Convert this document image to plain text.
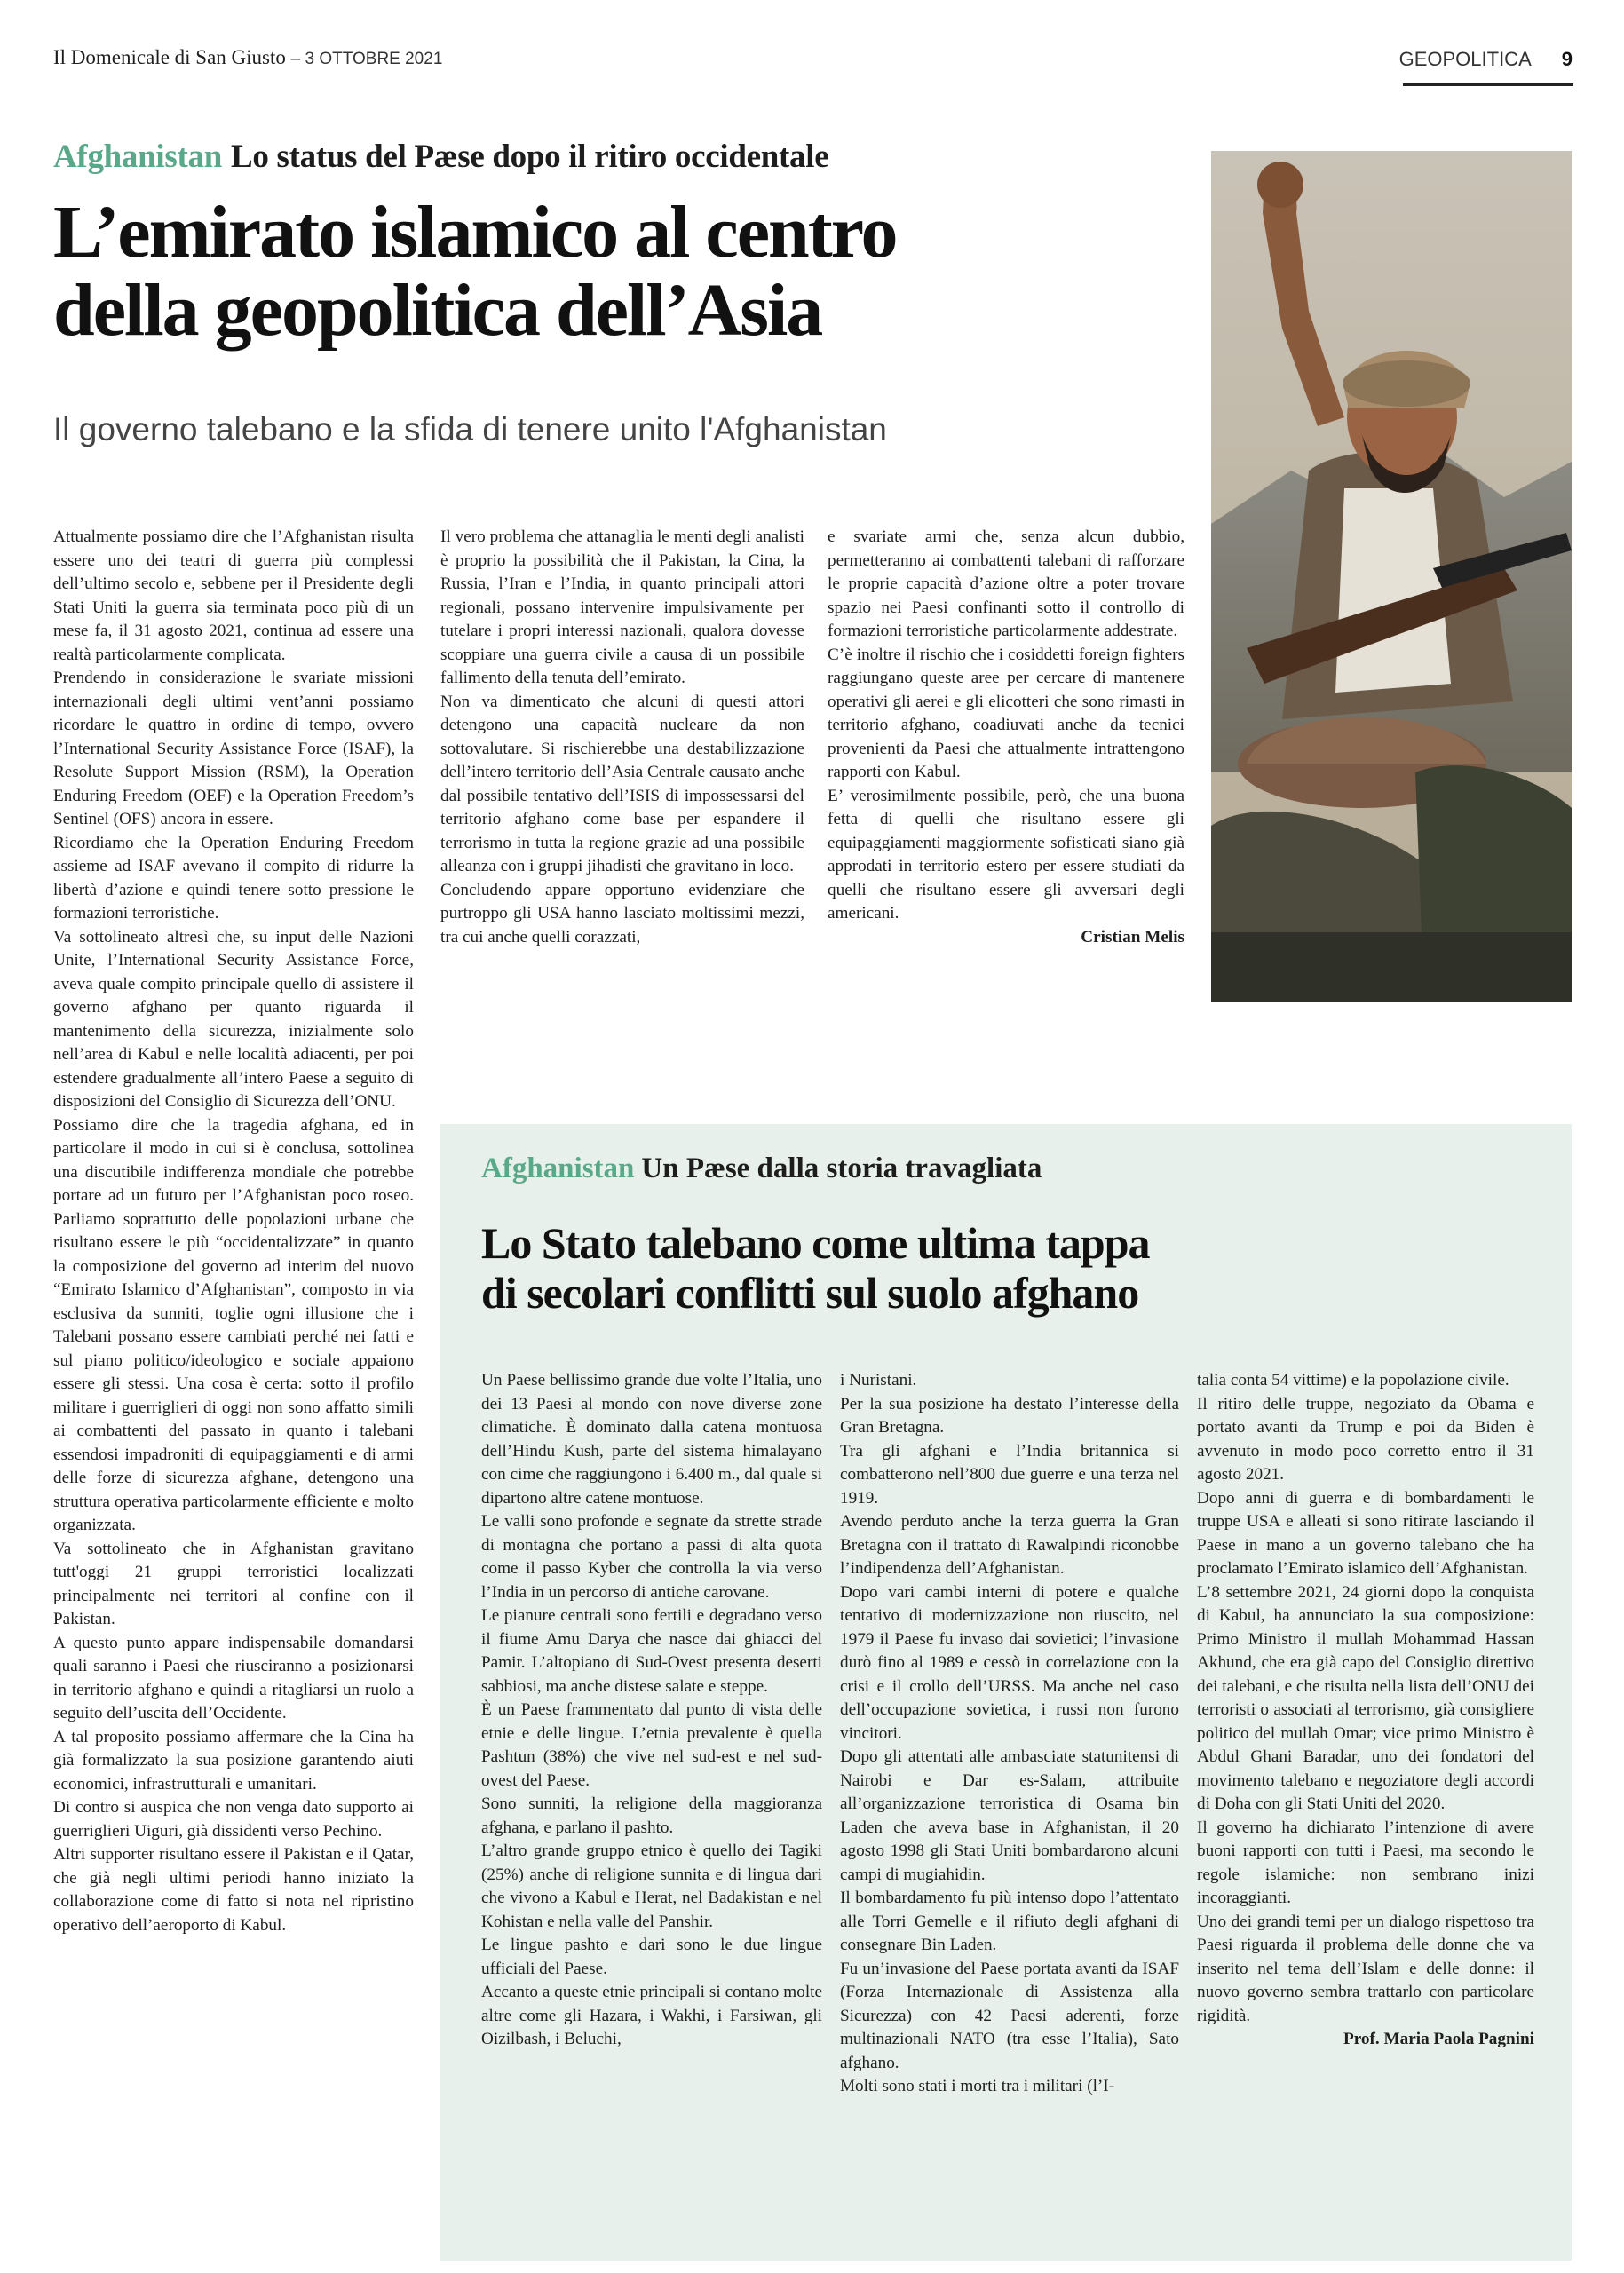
Il Domenicale di San Giusto – 3 OTTOBRE 2021	GEOPOLITICA 9
Afghanistan Lo status del Pæse dopo il ritiro occidentale
L’emirato islamico al centro
della geopolitica dell’Asia
Il governo talebano e la sfida di tenere unito l'Afghanistan

Attualmente possiamo dire che l’Afghanistan risulta essere uno dei teatri di guerra più complessi dell’ultimo secolo e, sebbene per il Presidente degli Stati Uniti la guerra sia terminata poco più di un mese fa, il 31 agosto 2021, continua ad essere una realtà particolarmente complicata.

Prendendo in considerazione le svariate missioni internazionali degli ultimi vent’anni possiamo ricordare le quattro in ordine di tempo, ovvero l’International Security Assistance Force (ISAF), la Resolute Support Mission (RSM), la Operation Enduring Freedom (OEF) e la Operation Freedom’s Sentinel (OFS) ancora in essere.

Ricordiamo che la Operation Enduring Freedom assieme ad ISAF avevano il compito di ridurre la libertà d’azione e quindi tenere sotto pressione le formazioni terroristiche.

Va sottolineato altresì che, su input delle Nazioni Unite, l’International Security Assistance Force, aveva quale compito principale quello di assistere il governo afghano per quanto riguarda il mantenimento della sicurezza, inizialmente solo nell’area di Kabul e nelle località adiacenti, per poi estendere gradualmente all’intero Paese a seguito di disposizioni del Consiglio di Sicurezza dell’ONU.

Possiamo dire che la tragedia afghana, ed in particolare il modo in cui si è conclusa, sottolinea una discutibile indifferenza mondiale che potrebbe portare ad un futuro per l’Afghanistan poco roseo. Parliamo soprattutto delle popolazioni urbane che risultano essere le più “occidentalizzate” in quanto la composizione del governo ad interim del nuovo “Emirato Islamico d’Afghanistan”, composto in via esclusiva da sunniti, toglie ogni illusione che i Talebani possano essere cambiati perché nei fatti e sul piano politico/ideologico e sociale appaiono essere gli stessi. Una cosa è certa: sotto il profilo militare i guerriglieri di oggi non sono affatto simili ai combattenti del passato in quanto i talebani essendosi impadroniti di equipaggiamenti e di armi delle forze di sicurezza afghane, detengono una struttura operativa particolarmente efficiente e molto organizzata.

Va sottolineato che in Afghanistan gravitano tutt'oggi 21 gruppi terroristici localizzati principalmente nei territori al confine con il Pakistan.

A questo punto appare indispensabile domandarsi quali saranno i Paesi che riusciranno a posizionarsi in territorio afghano e quindi a ritagliarsi un ruolo a seguito dell’uscita dell’Occidente.

A tal proposito possiamo affermare che la Cina ha già formalizzato la sua posizione garantendo aiuti economici, infrastrutturali e umanitari.

Di contro si auspica che non venga dato supporto ai guerriglieri Uiguri, già dissidenti verso Pechino.

Altri supporter risultano essere il Pakistan e il Qatar, che già negli ultimi periodi hanno iniziato la collaborazione come di fatto si nota nel ripristino operativo dell’aeroporto di Kabul.

Il vero problema che attanaglia le menti degli analisti è proprio la possibilità che il Pakistan, la Cina, la Russia, l’Iran e l’India, in quanto principali attori regionali, possano intervenire impulsivamente per tutelare i propri interessi nazionali, qualora dovesse scoppiare una guerra civile a causa di un possibile fallimento della tenuta dell’emirato.

Non va dimenticato che alcuni di questi attori detengono una capacità nucleare da non sottovalutare. Si rischierebbe una destabilizzazione dell’intero territorio dell’Asia Centrale causato anche dal possibile tentativo dell’ISIS di impossessarsi del territorio afghano come base per espandere il terrorismo in tutta la regione grazie ad una possibile alleanza con i gruppi jihadisti che gravitano in loco.

Concludendo appare opportuno evidenziare che purtroppo gli USA hanno lasciato moltissimi mezzi, tra cui anche quelli corazzati,

e svariate armi che, senza alcun dubbio, permetteranno ai combattenti talebani di rafforzare le proprie capacità d’azione oltre a poter trovare spazio nei Paesi confinanti sotto il controllo di formazioni terroristiche particolarmente addestrate.

C’è inoltre il rischio che i cosiddetti foreign fighters raggiungano queste aree per cercare di mantenere operativi gli aerei e gli elicotteri che sono rimasti in territorio afghano, coadiuvati anche da tecnici provenienti da Paesi che attualmente intrattengono rapporti con Kabul.

E’ verosimilmente possibile, però, che una buona fetta di quelli che risultano essere gli equipaggiamenti maggiormente sofisticati siano già approdati in territorio estero per essere studiati da quelli che risultano essere gli avversari degli americani.

Cristian Melis

Afghanistan Un Pæse dalla storia travagliata
Lo Stato talebano come ultima tappa
di secolari conflitti sul suolo afghano

Un Paese bellissimo grande due volte l’Italia, uno dei 13 Paesi al mondo con nove diverse zone climatiche. È dominato dalla catena montuosa dell’Hindu Kush, parte del sistema himalayano con cime che raggiungono i 6.400 m., dal quale si dipartono altre catene montuose.

Le valli sono profonde e segnate da strette strade di montagna che portano a passi di alta quota come il passo Kyber che controlla la via verso l’India in un percorso di antiche carovane.

Le pianure centrali sono fertili e degradano verso il fiume Amu Darya che nasce dai ghiacci del Pamir. L’altopiano di Sud-Ovest presenta deserti sabbiosi, ma anche distese salate e steppe.

È un Paese frammentato dal punto di vista delle etnie e delle lingue. L’etnia prevalente è quella Pashtun (38%) che vive nel sud-est e nel sud-ovest del Paese.

Sono sunniti, la religione della maggioranza afghana, e parlano il pashto.

L’altro grande gruppo etnico è quello dei Tagiki (25%) anche di religione sunnita e di lingua dari che vivono a Kabul e Herat, nel Badakistan e nel Kohistan e nella valle del Panshir.

Le lingue pashto e dari sono le due lingue ufficiali del Paese.

Accanto a queste etnie principali si contano molte altre come gli Hazara, i Wakhi, i Farsiwan, gli Oizilbash, i Beluchi,

i Nuristani.

Per la sua posizione ha destato l’interesse della Gran Bretagna.

Tra gli afghani e l’India britannica si combatterono nell’800 due guerre e una terza nel 1919.

Avendo perduto anche la terza guerra la Gran Bretagna con il trattato di Rawalpindi riconobbe l’indipendenza dell’Afghanistan.

Dopo vari cambi interni di potere e qualche tentativo di modernizzazione non riuscito, nel 1979 il Paese fu invaso dai sovietici; l’invasione durò fino al 1989 e cessò in correlazione con la crisi e il crollo dell’URSS. Ma anche nel caso dell’occupazione sovietica, i russi non furono vincitori.

Dopo gli attentati alle ambasciate statunitensi di Nairobi e Dar es-Salam, attribuite all’organizzazione terroristica di Osama bin Laden che aveva base in Afghanistan, il 20 agosto 1998 gli Stati Uniti bombardarono alcuni campi di mugiahidin.

Il bombardamento fu più intenso dopo l’attentato alle Torri Gemelle e il rifiuto degli afghani di consegnare Bin Laden.

Fu un’invasione del Paese portata avanti da ISAF (Forza Internazionale di Assistenza alla Sicurezza) con 42 Paesi aderenti, forze multinazionali NATO (tra esse l’Italia), Sato afghano.

Molti sono stati i morti tra i militari (l’I-

talia conta 54 vittime) e la popolazione civile.

Il ritiro delle truppe, negoziato da Obama e portato avanti da Trump e poi da Biden è avvenuto in modo poco corretto entro il 31 agosto 2021.

Dopo anni di guerra e di bombardamenti le truppe USA e alleati si sono ritirate lasciando il Paese in mano a un governo talebano che ha proclamato l’Emirato islamico dell’Afghanistan.

L’8 settembre 2021, 24 giorni dopo la conquista di Kabul, ha annunciato la sua composizione: Primo Ministro il mullah Mohammad Hassan Akhund, che era già capo del Consiglio direttivo dei talebani, e che risulta nella lista dell’ONU dei terroristi o associati al terrorismo, già consigliere politico del mullah Omar; vice primo Ministro è Abdul Ghani Baradar, uno dei fondatori del movimento talebano e negoziatore degli accordi di Doha con gli Stati Uniti del 2020.

Il governo ha dichiarato l’intenzione di avere buoni rapporti con tutti i Paesi, ma secondo le regole islamiche: non sembrano inizi incoraggianti.

Uno dei grandi temi per un dialogo rispettoso tra Paesi riguarda il problema delle donne che va inserito nel tema dell’Islam e delle donne: il nuovo governo sembra trattarlo con particolare rigidità.

Prof. Maria Paola Pagnini
